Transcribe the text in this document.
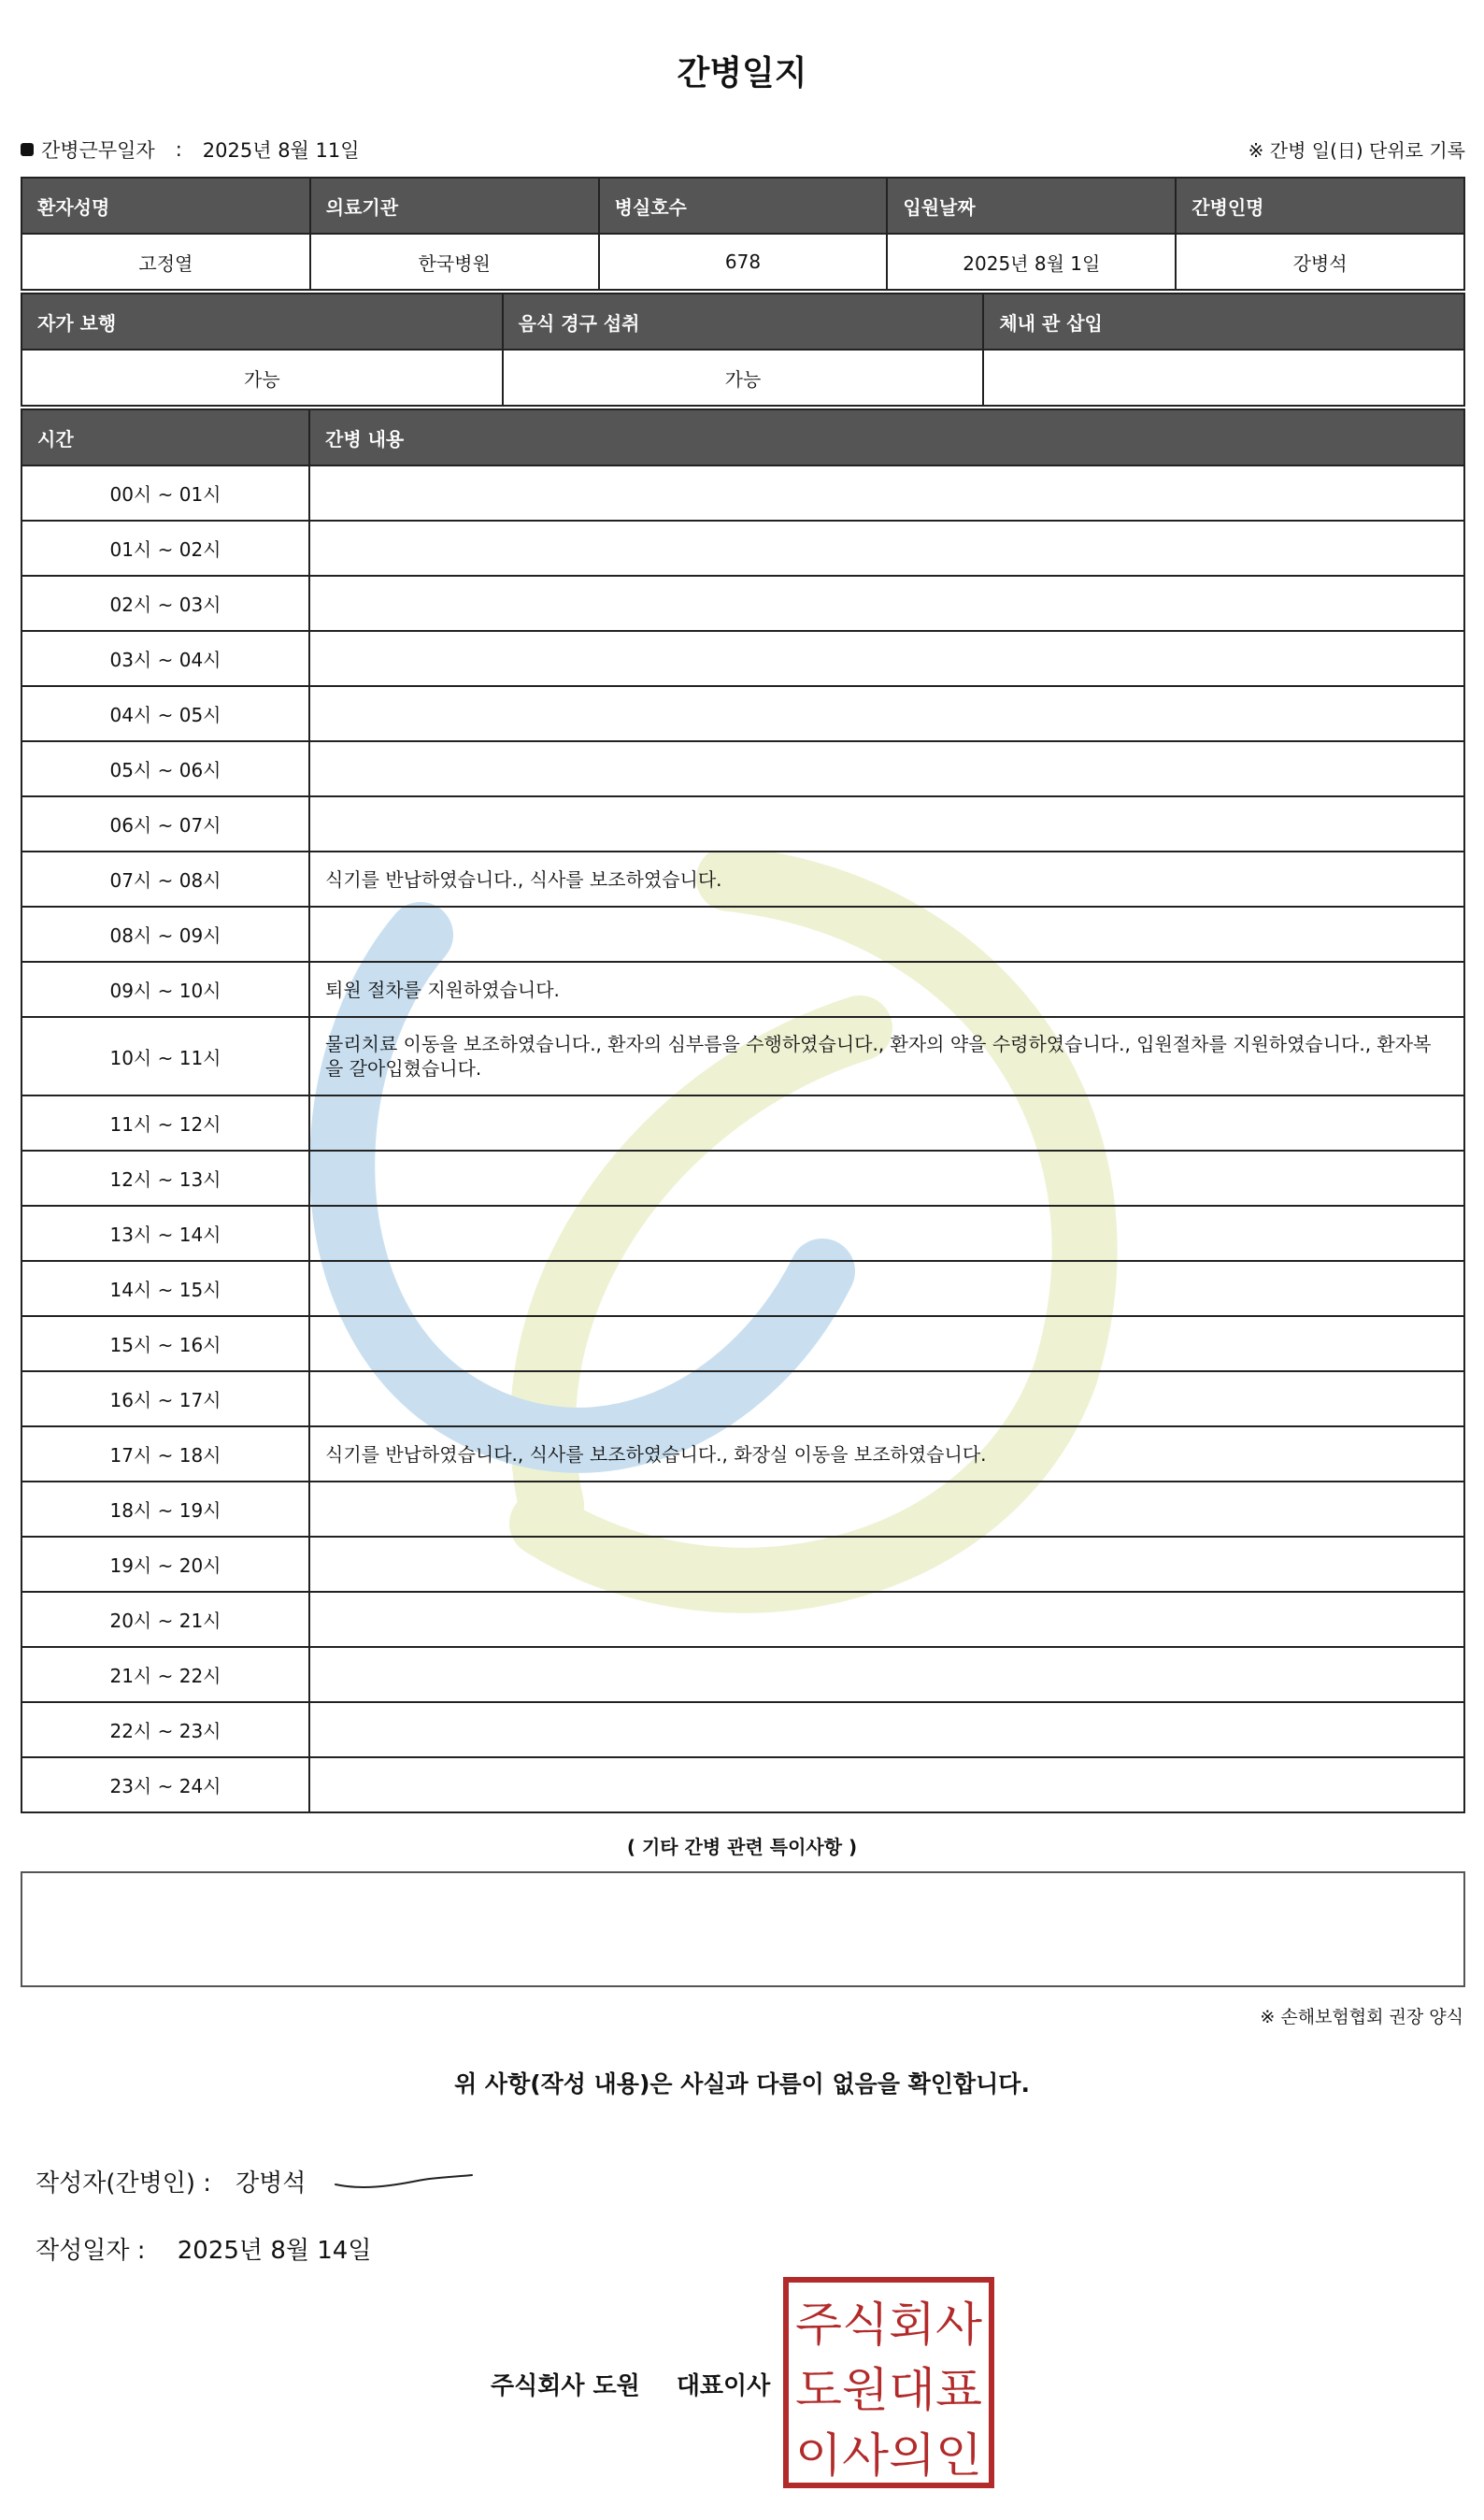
간병일지
간병근무일자 : 2025년 8월 11일	※ 간병 일(日) 단위로 기록
환자성명	의료기관	병실호수	입원날짜	간병인명
고정열	한국병원	678	2025년 8월 1일	강병석
자가 보행	음식 경구 섭취	체내 관 삽입
가능	가능	
시간	간병 내용
00시 ~ 01시	
01시 ~ 02시	
02시 ~ 03시	
03시 ~ 04시	
04시 ~ 05시	
05시 ~ 06시	
06시 ~ 07시	
07시 ~ 08시	식기를 반납하였습니다., 식사를 보조하였습니다.
08시 ~ 09시	
09시 ~ 10시	퇴원 절차를 지원하였습니다.
10시 ~ 11시	물리치료 이동을 보조하였습니다., 환자의 심부름을 수행하였습니다., 환자의 약을 수령하였습니다., 입원절차를 지원하였습니다., 환자복을 갈아입혔습니다.
11시 ~ 12시	
12시 ~ 13시	
13시 ~ 14시	
14시 ~ 15시	
15시 ~ 16시	
16시 ~ 17시	
17시 ~ 18시	식기를 반납하였습니다., 식사를 보조하였습니다., 화장실 이동을 보조하였습니다.
18시 ~ 19시	
19시 ~ 20시	
20시 ~ 21시	
21시 ~ 22시	
22시 ~ 23시	
23시 ~ 24시	
( 기타 간병 관련 특이사항 )
※ 손해보험협회 권장 양식
위 사항(작성 내용)은 사실과 다름이 없음을 확인합니다.
작성자(간병인) : 강병석
작성일자 : 2025년 8월 14일
주식회사 도원 대표이사
주식회사
도원대표
이사의인
